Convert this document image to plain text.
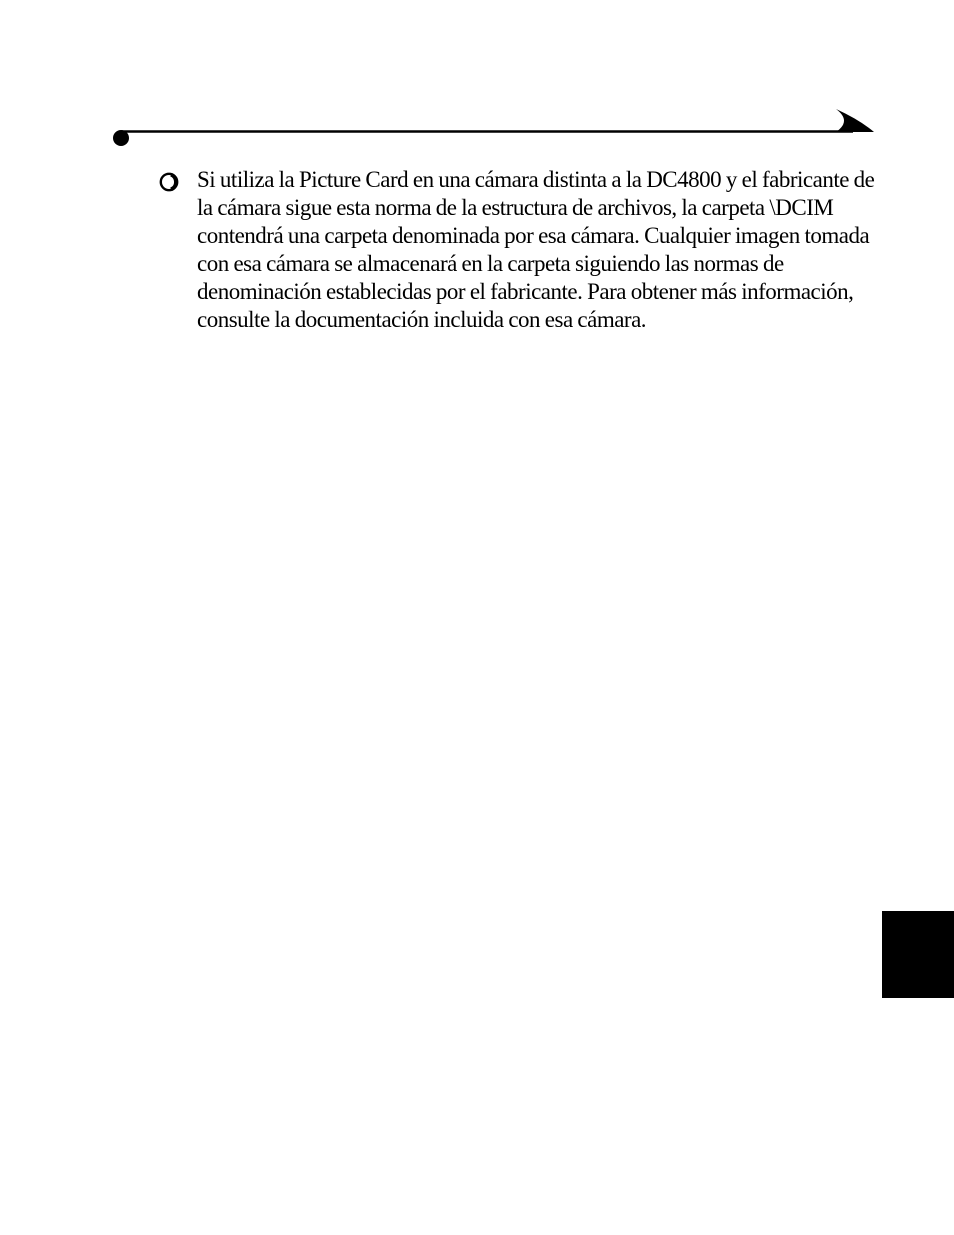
Si utiliza la Picture Card en una cámara distinta a la DC4800 y el fabricante de la cámara sigue esta norma de la estructura de archivos, la carpeta \DCIM contendrá una carpeta denominada por esa cámara. Cualquier imagen tomada con esa cámara se almacenará en la carpeta siguiendo las normas de denominación establecidas por el fabricante. Para obtener más información, consulte la documentación incluida con esa cámara.
